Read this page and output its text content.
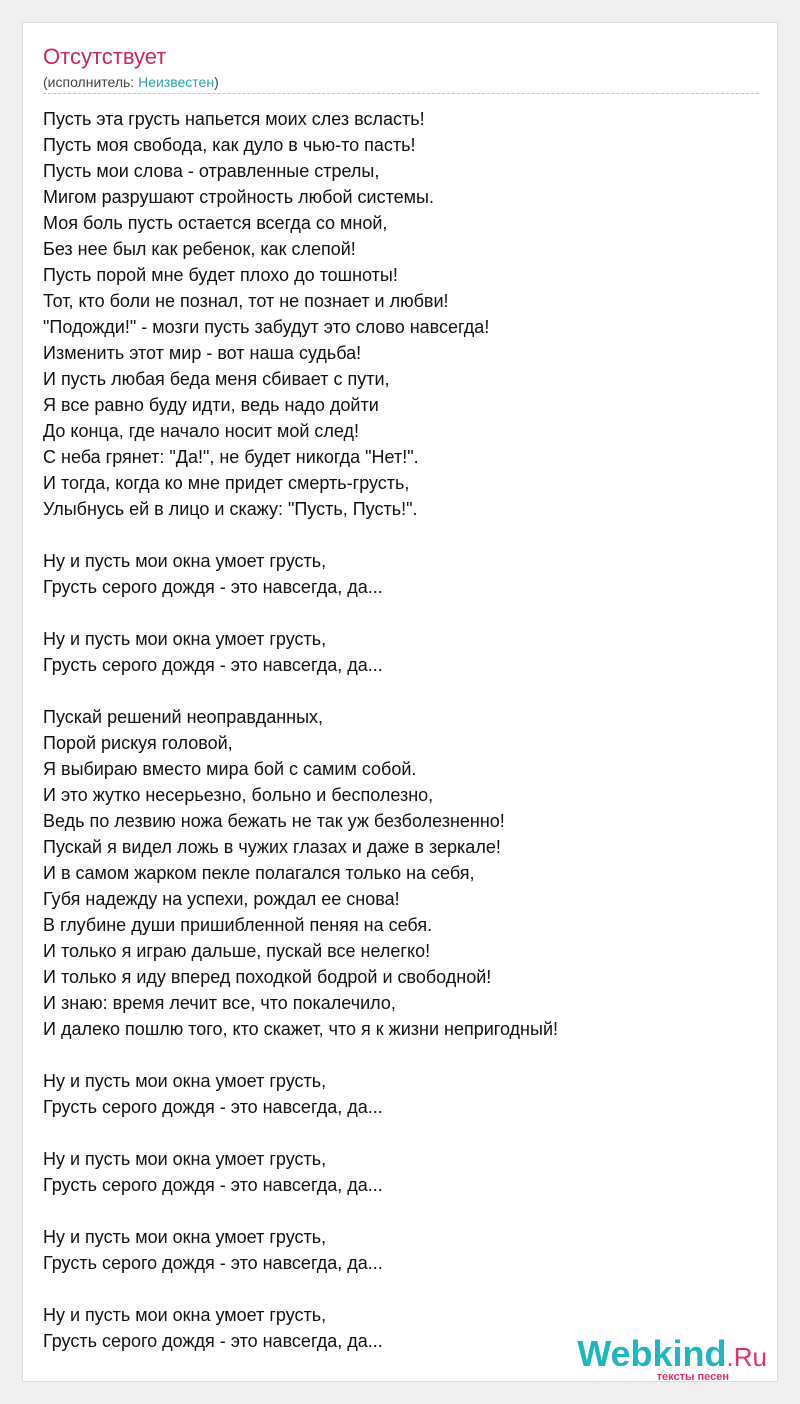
Отсутствует
(исполнитель: Неизвестен)
Пусть эта грусть напьется моих слез всласть!
Пусть моя свобода, как дуло в чью-то пасть!
Пусть мои слова - отравленные стрелы,
Мигом разрушают стройность любой системы.
Моя боль пусть остается всегда со мной,
Без нее был как ребенок, как слепой!
Пусть порой мне будет плохо до тошноты!
Тот, кто боли не познал, тот не познает и любви!
"Подожди!" - мозги пусть забудут это слово навсегда!
Изменить этот мир - вот наша судьба!
И пусть любая беда меня сбивает с пути,
Я все равно буду идти, ведь надо дойти
До конца, где начало носит мой след!
С неба грянет: "Да!", не будет никогда "Нет!".
И тогда, когда ко мне придет смерть-грусть,
Улыбнусь ей в лицо и скажу: "Пусть, Пусть!".
Ну и пусть мои окна умоет грусть,
Грусть серого дождя - это навсегда, да...
Ну и пусть мои окна умоет грусть,
Грусть серого дождя - это навсегда, да...
Пускай решений неоправданных,
Порой рискуя головой,
Я выбираю вместо мира бой с самим собой.
И это жутко несерьезно, больно и бесполезно,
Ведь по лезвию ножа бежать не так уж безболезненно!
Пускай я видел ложь в чужих глазах и даже в зеркале!
И в самом жарком пекле полагался только на себя,
Губя надежду на успехи, рождал ее снова!
В глубине души пришибленной пеняя на себя.
И только я играю дальше, пускай все нелегко!
И только я иду вперед походкой бодрой и свободной!
И знаю: время лечит все, что покалечило,
И далеко пошлю того, кто скажет, что я к жизни непригодный!
Ну и пусть мои окна умоет грусть,
Грусть серого дождя - это навсегда, да...
Ну и пусть мои окна умоет грусть,
Грусть серого дождя - это навсегда, да...
Ну и пусть мои окна умоет грусть,
Грусть серого дождя - это навсегда, да...
Ну и пусть мои окна умоет грусть,
Грусть серого дождя - это навсегда, да...	Webkind.Ru
тексты песен
